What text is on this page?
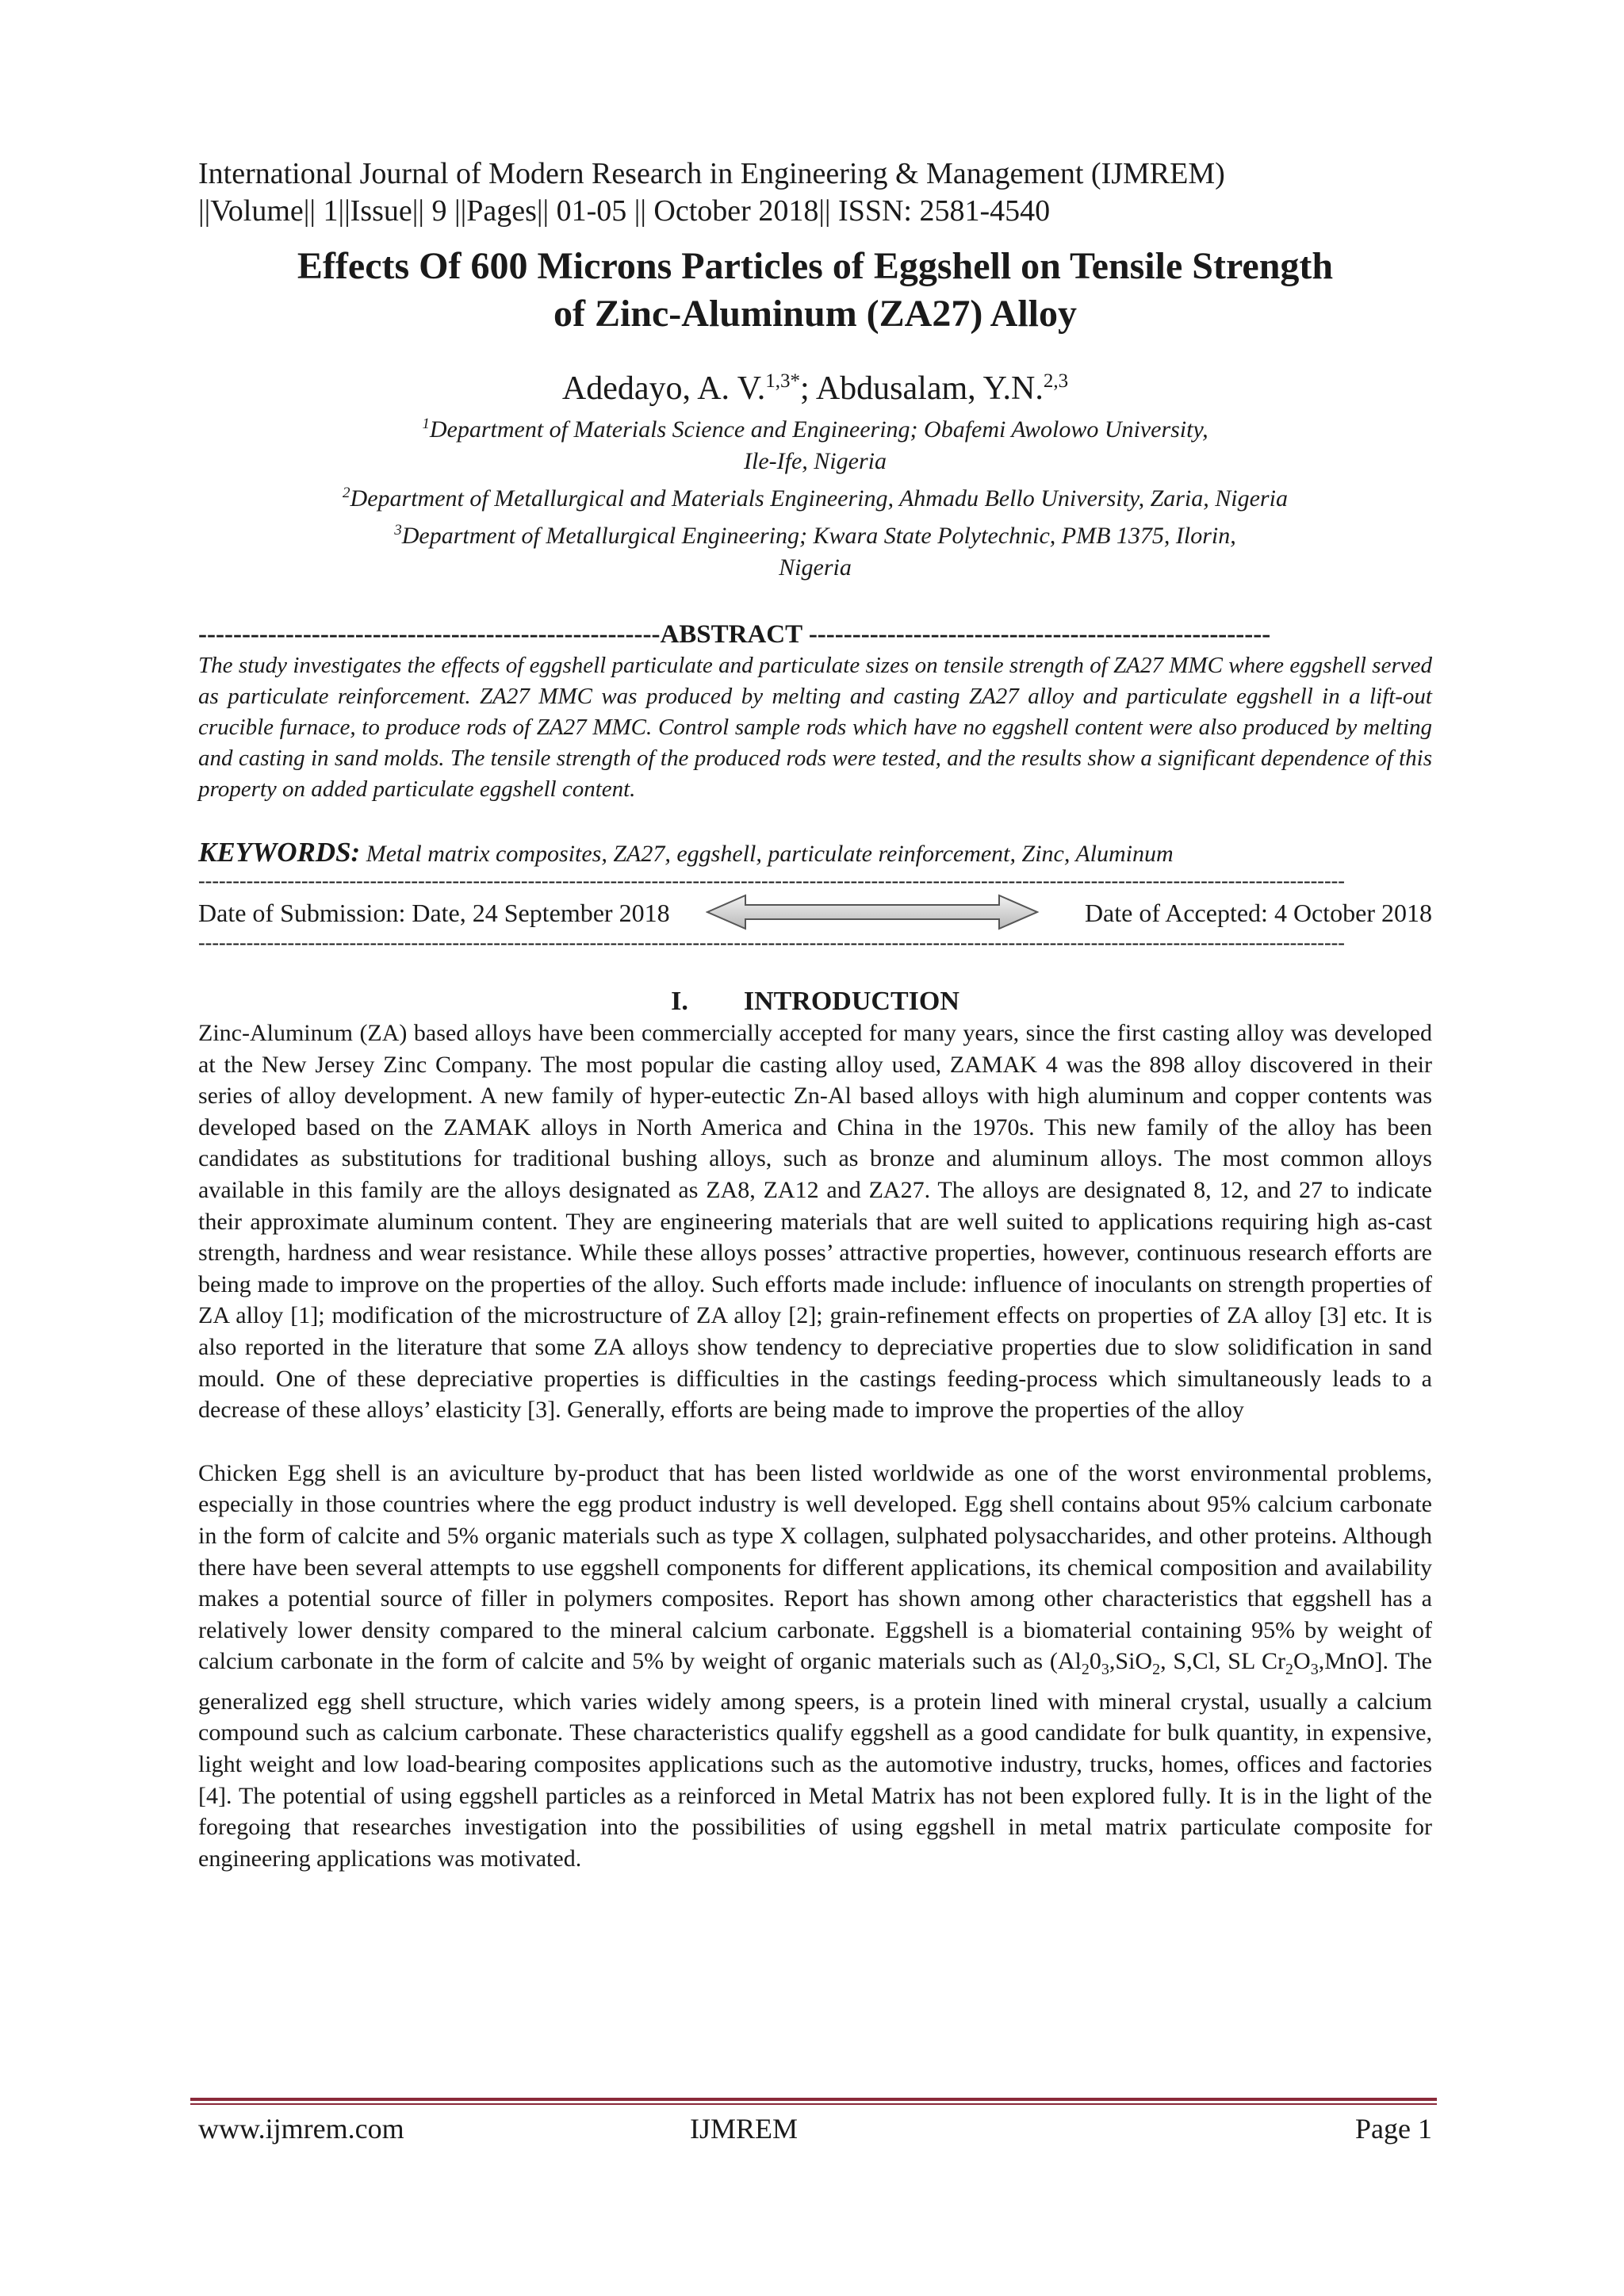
International Journal of Modern Research in Engineering & Management (IJMREM)
||Volume|| 1||Issue|| 9 ||Pages|| 01-05 || October 2018|| ISSN: 2581-4540
Effects Of 600 Microns Particles of Eggshell on Tensile Strength
of Zinc-Aluminum (ZA27) Alloy
Adedayo, A. V.$^{1,3*}$; Abdusalam, Y.N.$^{2,3}$
$^1$Department of Materials Science and Engineering; Obafemi Awolowo University,
Ile-Ife, Nigeria
$^2$Department of Metallurgical and Materials Engineering, Ahmadu Bello University, Zaria, Nigeria
$^3$Department of Metallurgical Engineering; Kwara State Polytechnic, PMB 1375, Ilorin,
Nigeria
-----------------------------------------------------ABSTRACT -----------------------------------------------------

The study investigates the effects of eggshell particulate and particulate sizes on tensile strength of ZA27 MMC where eggshell served as particulate reinforcement. ZA27 MMC was produced by melting and casting ZA27 alloy and particulate eggshell in a lift-out crucible furnace, to produce rods of ZA27 MMC. Control sample rods which have no eggshell content were also produced by melting and casting in sand molds. The tensile strength of the produced rods were tested, and the results show a significant dependence of this property on added particulate eggshell content.

KEYWORDS: Metal matrix composites, ZA27, eggshell, particulate reinforcement, Zinc, Aluminum
-----------------------------------------------------------------------------------------------------------------------------------------------------------------------
Date of Submission: Date, 24 September 2018	Date of Accepted: 4 October 2018
-----------------------------------------------------------------------------------------------------------------------------------------------------------------------
I. INTRODUCTION

Zinc-Aluminum (ZA) based alloys have been commercially accepted for many years, since the first casting alloy was developed at the New Jersey Zinc Company. The most popular die casting alloy used, ZAMAK 4 was the 898 alloy discovered in their series of alloy development. A new family of hyper-eutectic Zn-Al based alloys with high aluminum and copper contents was developed based on the ZAMAK alloys in North America and China in the 1970s. This new family of the alloy has been candidates as substitutions for traditional bushing alloys, such as bronze and aluminum alloys. The most common alloys available in this family are the alloys designated as ZA8, ZA12 and ZA27. The alloys are designated 8, 12, and 27 to indicate their approximate aluminum content. They are engineering materials that are well suited to applications requiring high as-cast strength, hardness and wear resistance. While these alloys posses’ attractive properties, however, continuous research efforts are being made to improve on the properties of the alloy. Such efforts made include: influence of inoculants on strength properties of ZA alloy [1]; modification of the microstructure of ZA alloy [2]; grain-refinement effects on properties of ZA alloy [3] etc. It is also reported in the literature that some ZA alloys show tendency to depreciative properties due to slow solidification in sand mould. One of these depreciative properties is difficulties in the castings feeding-process which simultaneously leads to a decrease of these alloys’ elasticity [3]. Generally, efforts are being made to improve the properties of the alloy

Chicken Egg shell is an aviculture by-product that has been listed worldwide as one of the worst environmental problems, especially in those countries where the egg product industry is well developed. Egg shell contains about 95% calcium carbonate in the form of calcite and 5% organic materials such as type X collagen, sulphated polysaccharides, and other proteins. Although there have been several attempts to use eggshell components for different applications, its chemical composition and availability makes a potential source of filler in polymers composites. Report has shown among other characteristics that eggshell has a relatively lower density compared to the mineral calcium carbonate. Eggshell is a biomaterial containing 95% by weight of calcium carbonate in the form of calcite and 5% by weight of organic materials such as ($Al_20_3,SiO_2$, S,Cl, SL $Cr_2O_3,MnO$]. The generalized egg shell structure, which varies widely among speers, is a protein lined with mineral crystal, usually a calcium compound such as calcium carbonate. These characteristics qualify eggshell as a good candidate for bulk quantity, in expensive, light weight and low load-bearing composites applications such as the automotive industry, trucks, homes, offices and factories [4]. The potential of using eggshell particles as a reinforced in Metal Matrix has not been explored fully. It is in the light of the foregoing that researches investigation into the possibilities of using eggshell in metal matrix particulate composite for engineering applications was motivated.

www.ijmrem.com	IJMREM	Page 1
